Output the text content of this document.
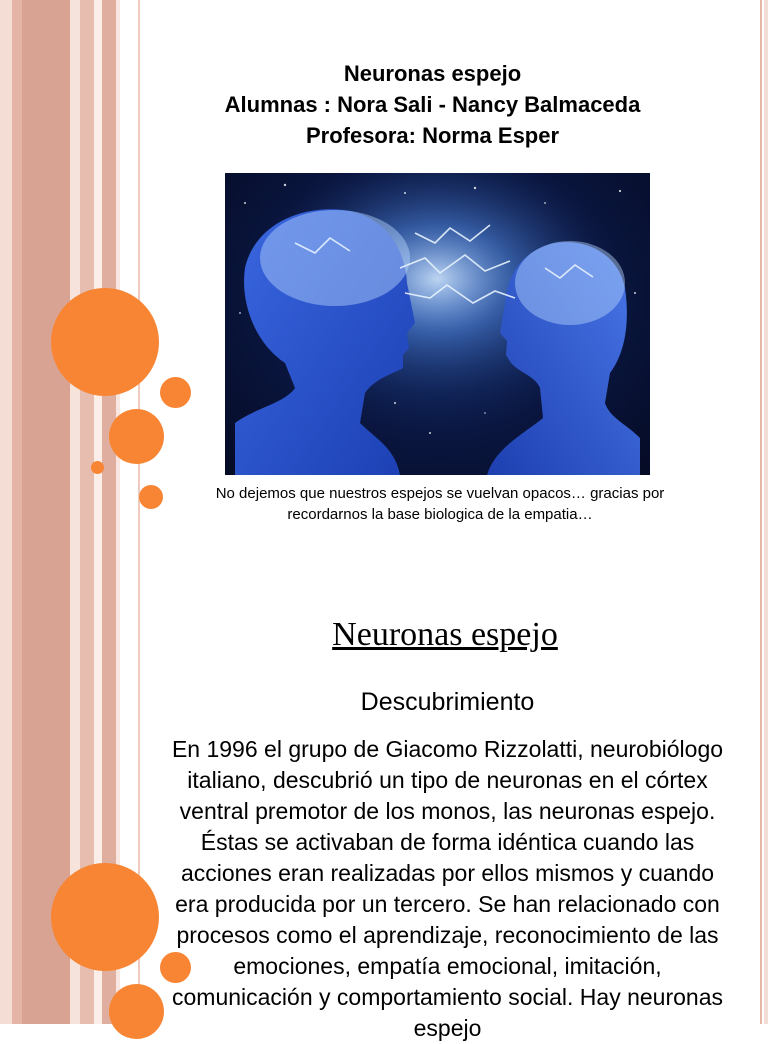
Neuronas espejo
Alumnas : Nora Sali - Nancy Balmaceda
Profesora: Norma Esper
No dejemos que nuestros espejos se vuelvan opacos… gracias por recordarnos la base biologica de la empatia…
Neuronas espejo
Descubrimiento
En 1996 el grupo de Giacomo Rizzolatti, neurobiólogo italiano, descubrió un tipo de neuronas en el córtex ventral premotor de los monos, las neuronas espejo. Éstas se activaban de forma idéntica cuando las acciones eran realizadas por ellos mismos y cuando era producida por un tercero. Se han relacionado con procesos como el aprendizaje, reconocimiento de las emociones, empatía emocional, imitación, comunicación y comportamiento social. Hay neuronas espejo
